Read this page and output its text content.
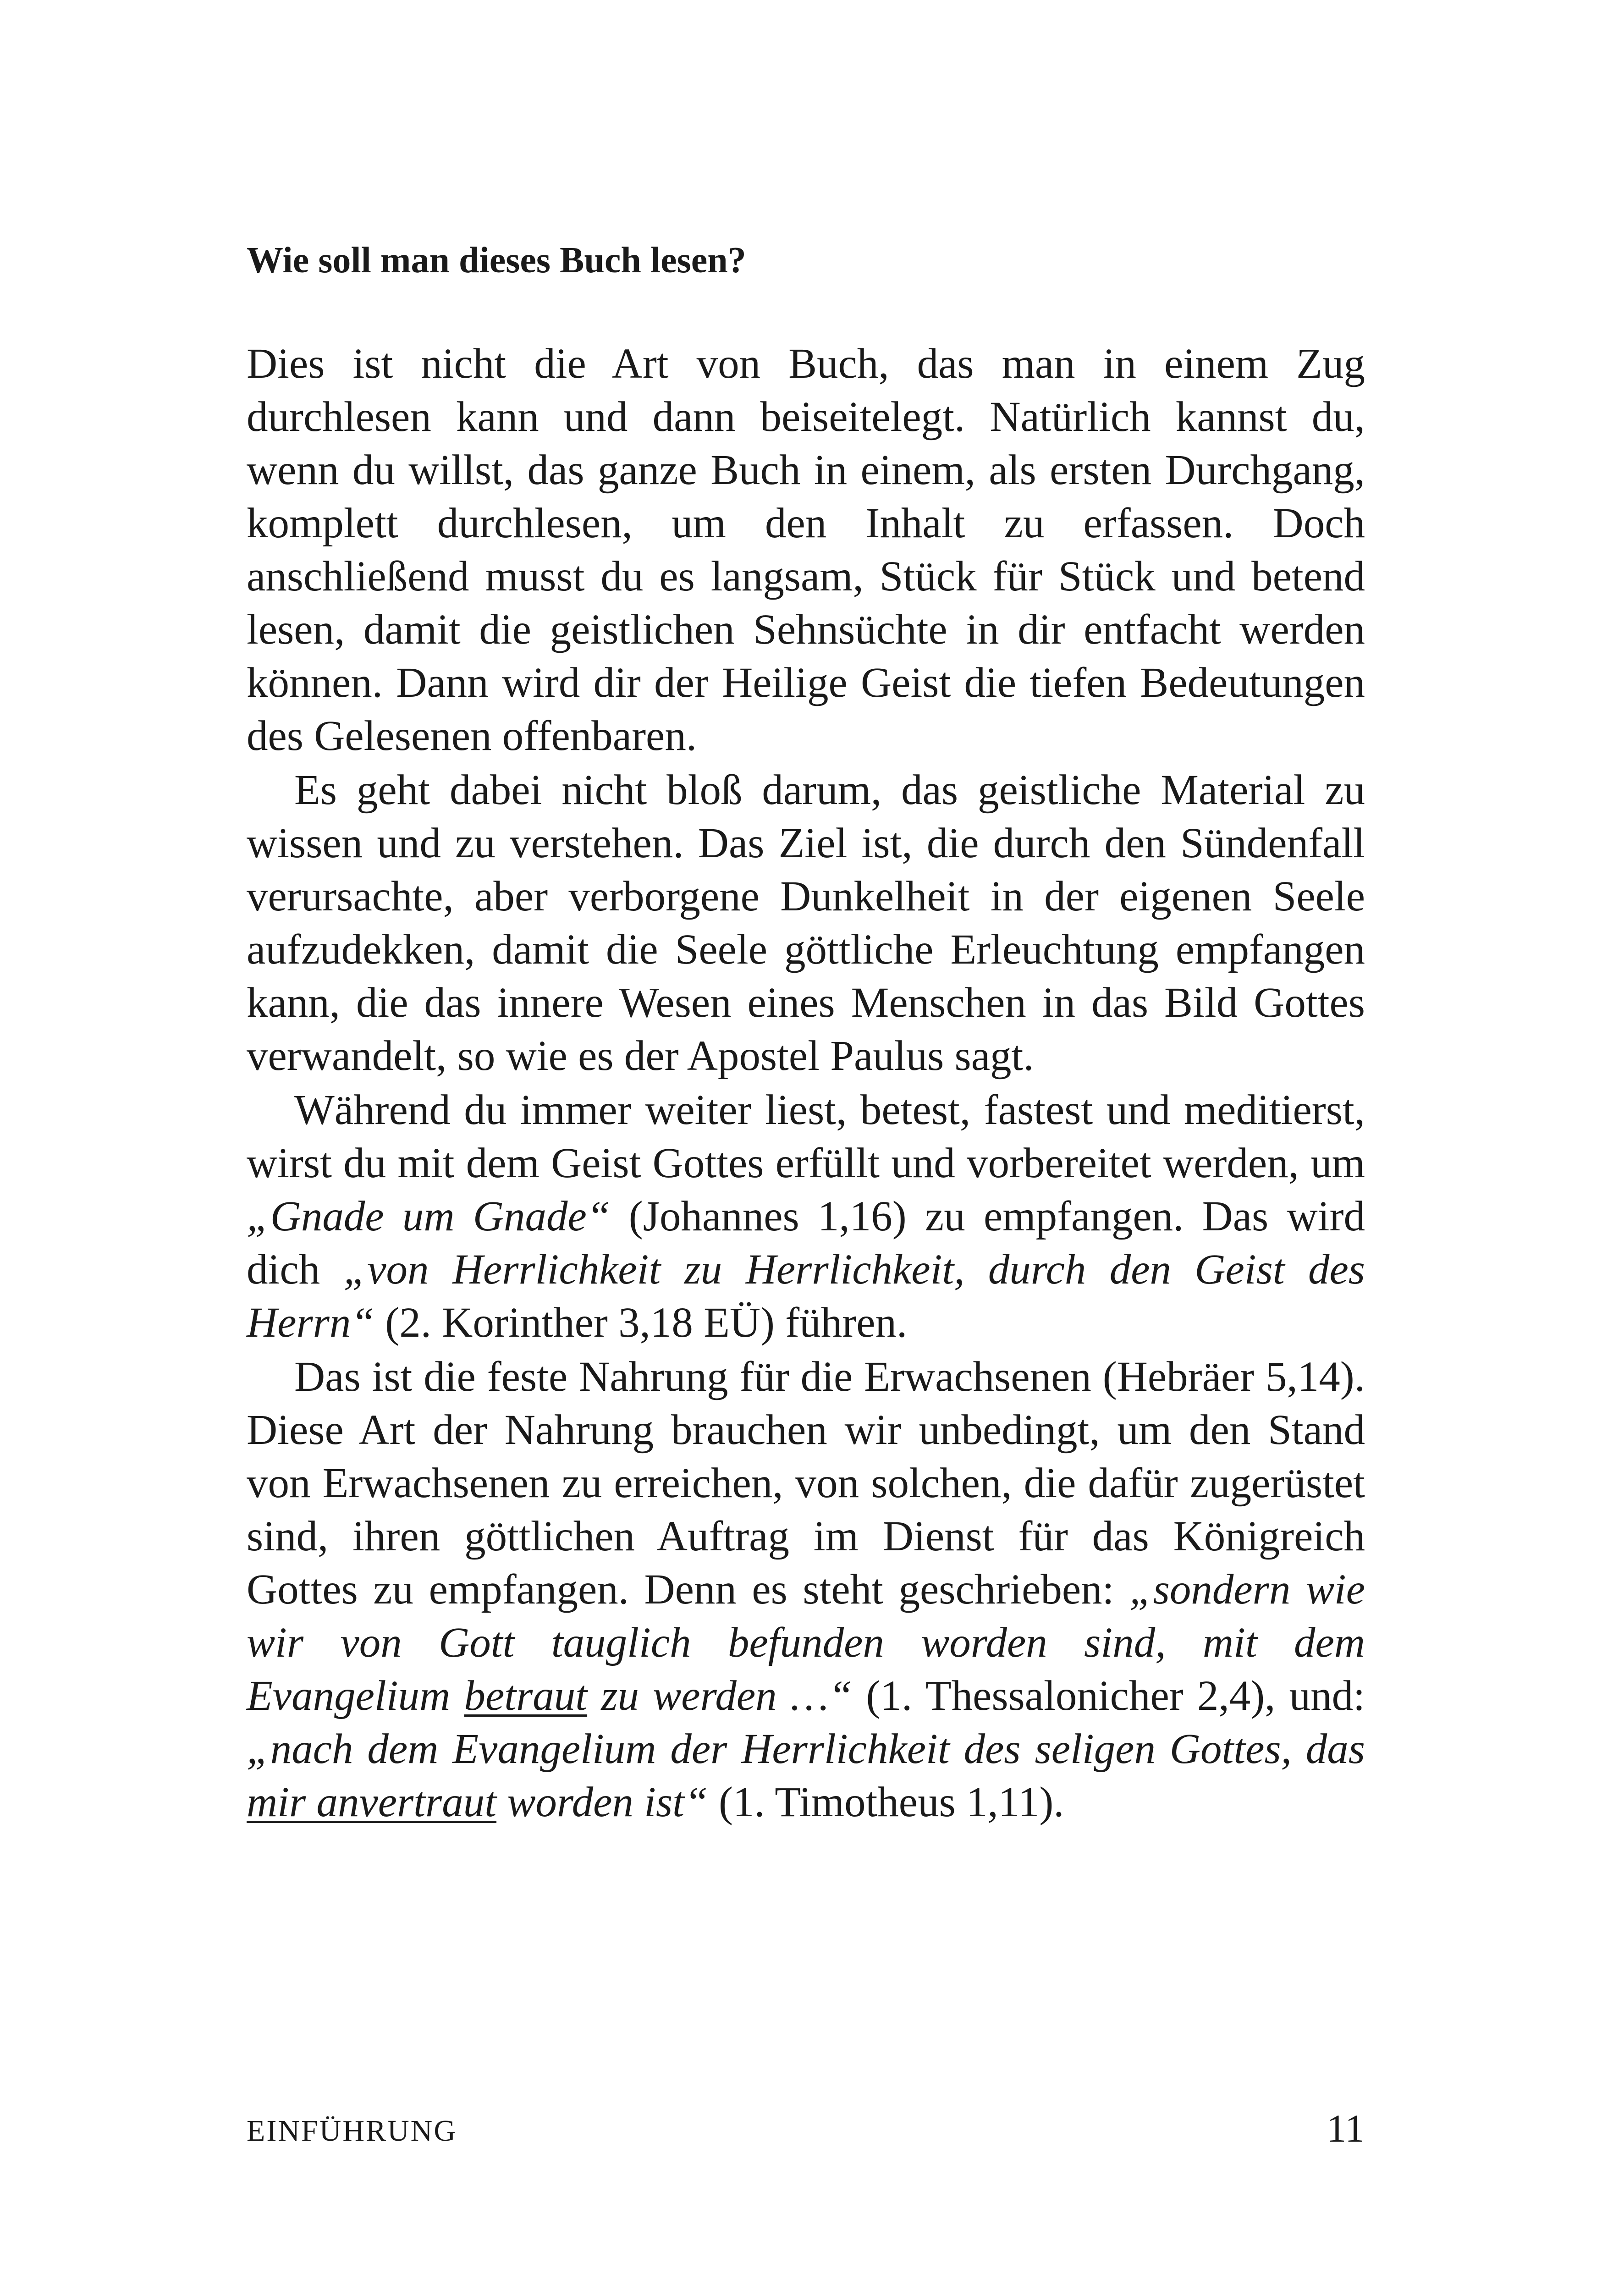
Wie soll man dieses Buch lesen?

Dies ist nicht die Art von Buch, das man in einem Zug durchlesen kann und dann beiseitelegt. Natürlich kannst du, wenn du willst, das ganze Buch in einem, als ersten Durchgang, komplett durchlesen, um den Inhalt zu erfassen. Doch anschließend musst du es langsam, Stück für Stück und betend lesen, damit die geistlichen Sehnsüchte in dir entfacht werden können. Dann wird dir der Heilige Geist die tiefen Bedeutungen des Gelesenen offenbaren.

Es geht dabei nicht bloß darum, das geistliche Material zu wissen und zu verstehen. Das Ziel ist, die durch den Sündenfall verursachte, aber verborgene Dunkelheit in der eigenen Seele aufzudekken, damit die Seele göttliche Erleuchtung empfangen kann, die das innere Wesen eines Menschen in das Bild Gottes verwandelt, so wie es der Apostel Paulus sagt.

Während du immer weiter liest, betest, fastest und meditierst, wirst du mit dem Geist Gottes erfüllt und vorbereitet werden, um „Gnade um Gnade“ (Johannes 1,16) zu empfangen. Das wird dich „von Herrlichkeit zu Herrlichkeit, durch den Geist des Herrn“ (2. Korinther 3,18 EÜ) führen.

Das ist die feste Nahrung für die Erwachsenen (Hebräer 5,14). Diese Art der Nahrung brauchen wir unbedingt, um den Stand von Erwachsenen zu erreichen, von solchen, die dafür zugerüstet sind, ihren göttlichen Auftrag im Dienst für das Königreich Gottes zu empfangen. Denn es steht geschrieben: „sondern wie wir von Gott tauglich befunden worden sind, mit dem Evangelium betraut zu werden …“ (1. Thessalonicher 2,4), und: „nach dem Evangelium der Herrlichkeit des seligen Gottes, das mir anvertraut worden ist“ (1. Timotheus 1,11).

EINFÜHRUNG	11
